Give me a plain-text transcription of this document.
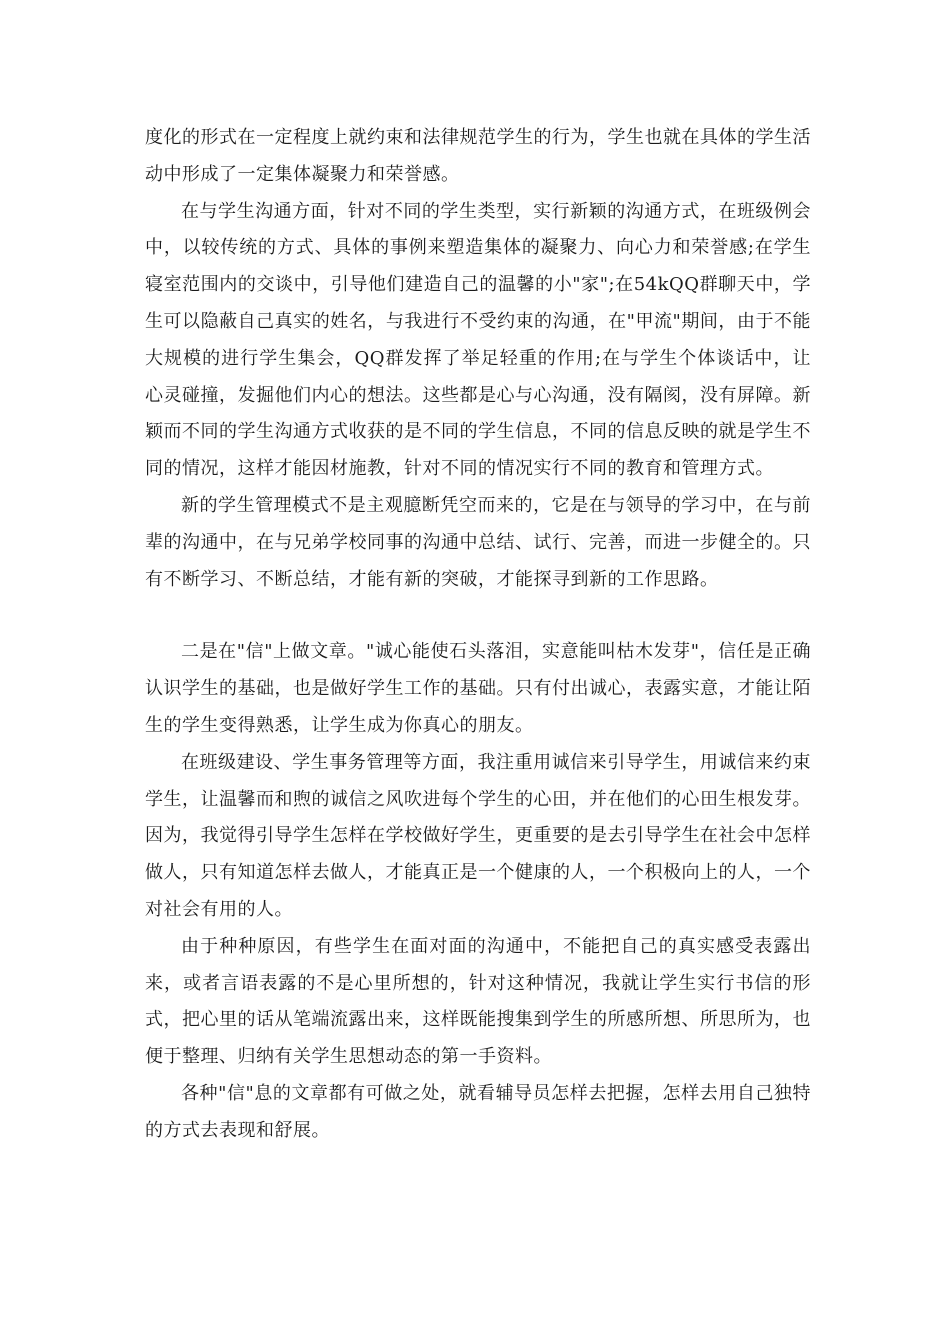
度化的形式在一定程度上就约束和法律规范学生的行为，学生也就在具体的学生活动中形成了一定集体凝聚力和荣誉感。

在与学生沟通方面，针对不同的学生类型，实行新颖的沟通方式，在班级例会中，以较传统的方式、具体的事例来塑造集体的凝聚力、向心力和荣誉感;在学生寝室范围内的交谈中，引导他们建造自己的温馨的小"家";在54kQQ群聊天中，学生可以隐蔽自己真实的姓名，与我进行不受约束的沟通，在"甲流"期间，由于不能大规模的进行学生集会，QQ群发挥了举足轻重的作用;在与学生个体谈话中，让心灵碰撞，发掘他们内心的想法。这些都是心与心沟通，没有隔阂，没有屏障。新颖而不同的学生沟通方式收获的是不同的学生信息，不同的信息反映的就是学生不同的情况，这样才能因材施教，针对不同的情况实行不同的教育和管理方式。

新的学生管理模式不是主观臆断凭空而来的，它是在与领导的学习中，在与前辈的沟通中，在与兄弟学校同事的沟通中总结、试行、完善，而进一步健全的。只有不断学习、不断总结，才能有新的突破，才能探寻到新的工作思路。

二是在"信"上做文章。"诚心能使石头落泪，实意能叫枯木发芽"，信任是正确认识学生的基础，也是做好学生工作的基础。只有付出诚心，表露实意，才能让陌生的学生变得熟悉，让学生成为你真心的朋友。

在班级建设、学生事务管理等方面，我注重用诚信来引导学生，用诚信来约束学生，让温馨而和煦的诚信之风吹进每个学生的心田，并在他们的心田生根发芽。因为，我觉得引导学生怎样在学校做好学生，更重要的是去引导学生在社会中怎样做人，只有知道怎样去做人，才能真正是一个健康的人，一个积极向上的人，一个对社会有用的人。

由于种种原因，有些学生在面对面的沟通中，不能把自己的真实感受表露出来，或者言语表露的不是心里所想的，针对这种情况，我就让学生实行书信的形式，把心里的话从笔端流露出来，这样既能搜集到学生的所感所想、所思所为，也便于整理、归纳有关学生思想动态的第一手资料。

各种"信"息的文章都有可做之处，就看辅导员怎样去把握，怎样去用自己独特的方式去表现和舒展。
